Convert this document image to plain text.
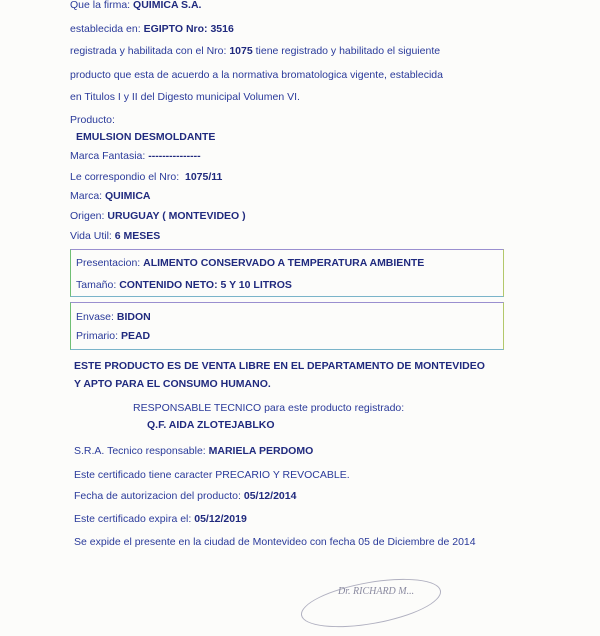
Que la firma: QUIMICA S.A.
establecida en: EGIPTO Nro: 3516
registrada y habilitada con el Nro: 1075 tiene registrado y habilitado el siguiente
producto que esta de acuerdo a la normativa bromatologica vigente, establecida
en Titulos I y II del Digesto municipal Volumen VI.
Producto:
EMULSION DESMOLDANTE
Marca Fantasia: ---------------
Le correspondio el Nro: 1075/11
Marca: QUIMICA
Origen: URUGUAY ( MONTEVIDEO )
Vida Util: 6 MESES
Presentacion: ALIMENTO CONSERVADO A TEMPERATURA AMBIENTE
Tamaño: CONTENIDO NETO: 5 Y 10 LITROS
Envase: BIDON
Primario: PEAD
ESTE PRODUCTO ES DE VENTA LIBRE EN EL DEPARTAMENTO DE MONTEVIDEO
Y APTO PARA EL CONSUMO HUMANO.
RESPONSABLE TECNICO para este producto registrado:
Q.F. AIDA ZLOTEJABLKO
S.R.A. Tecnico responsable: MARIELA PERDOMO
Este certificado tiene caracter PRECARIO Y REVOCABLE.
Fecha de autorizacion del producto: 05/12/2014
Este certificado expira el: 05/12/2019
Se expide el presente en la ciudad de Montevideo con fecha 05 de Diciembre de 2014
Dr. RICHARD M...
